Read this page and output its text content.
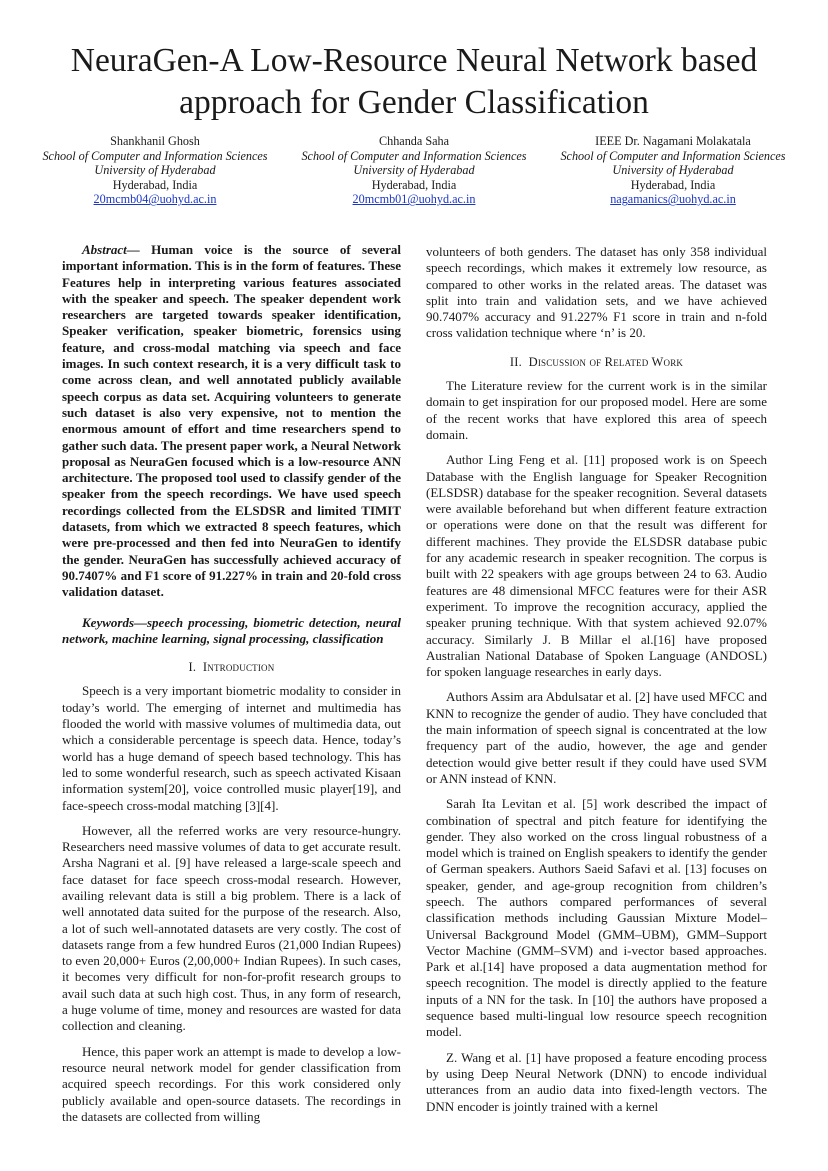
NeuraGen-A Low-Resource Neural Network based approach for Gender Classification
Shankhanil Ghosh
School of Computer and Information Sciences
University of Hyderabad
Hyderabad, India
20mcmb04@uohyd.ac.in
Chhanda Saha
School of Computer and Information Sciences
University of Hyderabad
Hyderabad, India
20mcmb01@uohyd.ac.in
IEEE Dr. Nagamani Molakatala
School of Computer and Information Sciences
University of Hyderabad
Hyderabad, India
nagamanics@uohyd.ac.in

Abstract— Human voice is the source of several important information. This is in the form of features. These Features help in interpreting various features associated with the speaker and speech. The speaker dependent work researchers are targeted towards speaker identification, Speaker verification, speaker biometric, forensics using feature, and cross-modal matching via speech and face images. In such context research, it is a very difficult task to come across clean, and well annotated publicly available speech corpus as data set. Acquiring volunteers to generate such dataset is also very expensive, not to mention the enormous amount of effort and time researchers spend to gather such data. The present paper work, a Neural Network proposal as NeuraGen focused which is a low-resource ANN architecture. The proposed tool used to classify gender of the speaker from the speech recordings. We have used speech recordings collected from the ELSDSR and limited TIMIT datasets, from which we extracted 8 speech features, which were pre-processed and then fed into NeuraGen to identify the gender. NeuraGen has successfully achieved accuracy of 90.7407% and F1 score of 91.227% in train and 20-fold cross validation dataset.

Keywords—speech processing, biometric detection, neural network, machine learning, signal processing, classification

I. Introduction

Speech is a very important biometric modality to consider in today’s world. The emerging of internet and multimedia has flooded the world with massive volumes of multimedia data, out which a considerable percentage is speech data. Hence, today’s world has a huge demand of speech based technology. This has led to some wonderful research, such as speech activated Kisaan information system[20], voice controlled music player[19], and face-speech cross-modal matching [3][4].

However, all the referred works are very resource-hungry. Researchers need massive volumes of data to get accurate result. Arsha Nagrani et al. [9] have released a large-scale speech and face dataset for face speech cross-modal research. However, availing relevant data is still a big problem. There is a lack of well annotated data suited for the purpose of the research. Also, a lot of such well-annotated datasets are very costly. The cost of datasets range from a few hundred Euros (21,000 Indian Rupees) to even 20,000+ Euros (2,00,000+ Indian Rupees). In such cases, it becomes very difficult for non-for-profit research groups to avail such data at such high cost. Thus, in any form of research, a huge volume of time, money and resources are wasted for data collection and cleaning.

Hence, this paper work an attempt is made to develop a low-resource neural network model for gender classification from acquired speech recordings. For this work considered only publicly available and open-source datasets. The recordings in the datasets are collected from willing

volunteers of both genders. The dataset has only 358 individual speech recordings, which makes it extremely low resource, as compared to other works in the related areas. The dataset was split into train and validation sets, and we have achieved 90.7407% accuracy and 91.227% F1 score in train and n-fold cross validation technique where ‘n’ is 20.

II. Discussion of Related Work

The Literature review for the current work is in the similar domain to get inspiration for our proposed model. Here are some of the recent works that have explored this area of speech domain.

Author Ling Feng et al. [11] proposed work is on Speech Database with the English language for Speaker Recognition (ELSDSR) database for the speaker recognition. Several datasets were available beforehand but when different feature extraction or operations were done on that the result was different for different machines. They provide the ELSDSR database pubic for any academic research in speaker recognition. The corpus is built with 22 speakers with age groups between 24 to 63. Audio features are 48 dimensional MFCC features were for their ASR experiment. To improve the recognition accuracy, applied the speaker pruning technique. With that system achieved 92.07% accuracy. Similarly J. B Millar el al.[16] have proposed Australian National Database of Spoken Language (ANDOSL) for spoken language researches in early days.

Authors Assim ara Abdulsatar et al. [2] have used MFCC and KNN to recognize the gender of audio. They have concluded that the main information of speech signal is concentrated at the low frequency part of the audio, however, the age and gender detection would give better result if they could have used SVM or ANN instead of KNN.

Sarah Ita Levitan et al. [5] work described the impact of combination of spectral and pitch feature for identifying the gender. They also worked on the cross lingual robustness of a model which is trained on English speakers to identify the gender of German speakers. Authors Saeid Safavi et al. [13] focuses on speaker, gender, and age-group recognition from children’s speech. The authors compared performances of several classification methods including Gaussian Mixture Model–Universal Background Model (GMM–UBM), GMM–Support Vector Machine (GMM–SVM) and i-vector based approaches. Park et al.[14] have proposed a data augmentation method for speech recognition. The model is directly applied to the feature inputs of a NN for the task. In [10] the authors have proposed a sequence based multi-lingual low resource speech recognition model.

Z. Wang et al. [1] have proposed a feature encoding process by using Deep Neural Network (DNN) to encode individual utterances from an audio data into fixed-length vectors. The DNN encoder is jointly trained with a kernel
